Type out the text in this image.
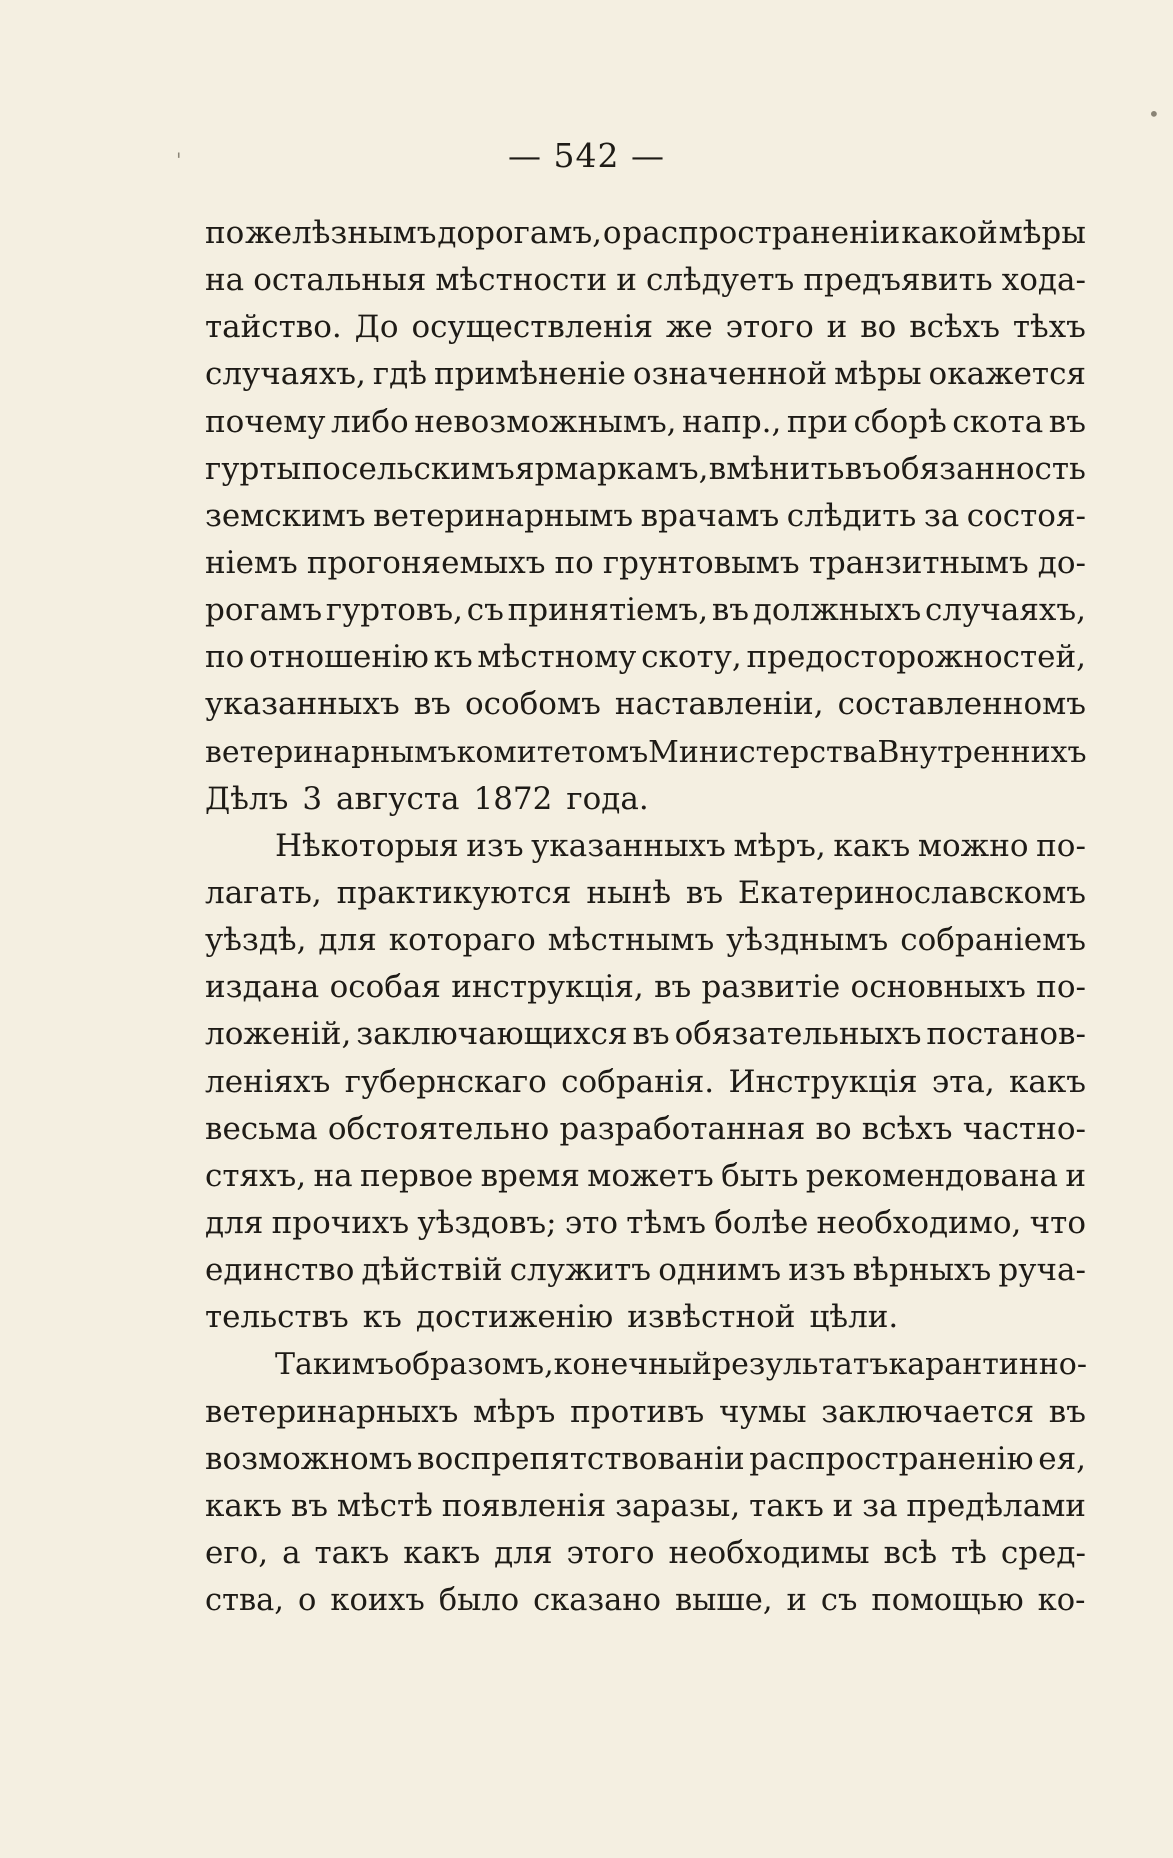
— 542 —
'
•
по желѣзнымъ дорогамъ, о распространеніи какой мѣры
на остальныя мѣстности и слѣдуетъ предъявить хода-
тайство. До осуществленія же этого и во всѣхъ тѣхъ
случаяхъ, гдѣ примѣненіе означенной мѣры окажется
почему либо невозможнымъ, напр., при сборѣ скота въ
гурты по сельскимъ ярмаркамъ, вмѣнить въ обязанность
земскимъ ветеринарнымъ врачамъ слѣдить за состоя-
ніемъ прогоняемыхъ по грунтовымъ транзитнымъ до-
рогамъ гуртовъ, съ принятіемъ, въ должныхъ случаяхъ,
по отношенію къ мѣстному скоту, предосторожностей,
указанныхъ въ особомъ наставленіи, составленномъ
ветеринарнымъ комитетомъ Министерства Внутреннихъ
Дѣлъ 3 августа 1872 года.
Нѣкоторыя изъ указанныхъ мѣръ, какъ можно по-
лагать, практикуются нынѣ въ Екатеринославскомъ
уѣздѣ, для котораго мѣстнымъ уѣзднымъ собраніемъ
издана особая инструкція, въ развитіе основныхъ по-
ложеній, заключающихся въ обязательныхъ постанов-
леніяхъ губернскаго собранія. Инструкція эта, какъ
весьма обстоятельно разработанная во всѣхъ частно-
стяхъ, на первое время можетъ быть рекомендована и
для прочихъ уѣздовъ; это тѣмъ болѣе необходимо, что
единство дѣйствій служитъ однимъ изъ вѣрныхъ руча-
тельствъ къ достиженію извѣстной цѣли.
Такимъ образомъ, конечный результатъ карантинно-
ветеринарныхъ мѣръ противъ чумы заключается въ
возможномъ воспрепятствованіи распространенію ея,
какъ въ мѣстѣ появленія заразы, такъ и за предѣлами
его, а такъ какъ для этого необходимы всѣ тѣ сред-
ства, о коихъ было сказано выше, и съ помощью ко-
